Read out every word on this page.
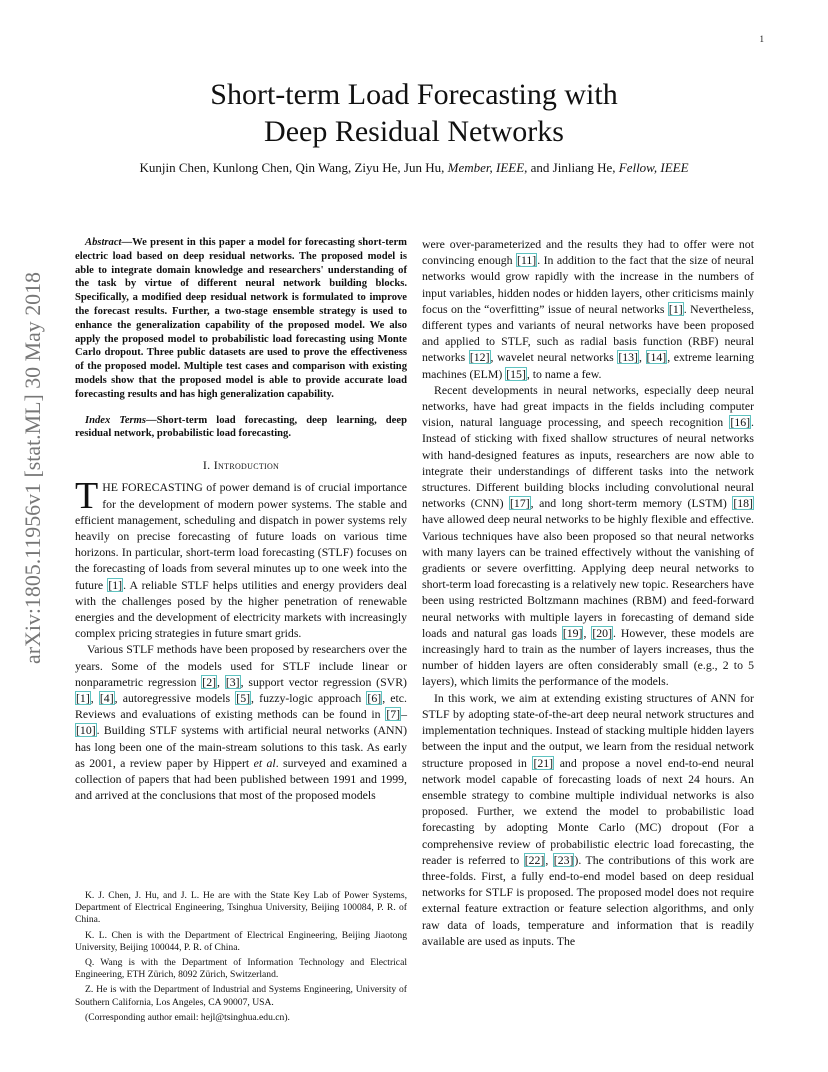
1
arXiv:1805.11956v1 [stat.ML] 30 May 2018
Short-term Load Forecasting with
Deep Residual Networks
Kunjin Chen, Kunlong Chen, Qin Wang, Ziyu He, Jun Hu, Member, IEEE, and Jinliang He, Fellow, IEEE

Abstract—We present in this paper a model for forecasting short-term electric load based on deep residual networks. The proposed model is able to integrate domain knowledge and researchers' understanding of the task by virtue of different neural network building blocks. Specifically, a modified deep residual network is formulated to improve the forecast results. Further, a two-stage ensemble strategy is used to enhance the generalization capability of the proposed model. We also apply the proposed model to probabilistic load forecasting using Monte Carlo dropout. Three public datasets are used to prove the effectiveness of the proposed model. Multiple test cases and comparison with existing models show that the proposed model is able to provide accurate load forecasting results and has high generalization capability.

Index Terms—Short-term load forecasting, deep learning, deep residual network, probabilistic load forecasting.

I. Introduction

THE FORECASTING of power demand is of crucial importance for the development of modern power systems. The stable and efficient management, scheduling and dispatch in power systems rely heavily on precise forecasting of future loads on various time horizons. In particular, short-term load forecasting (STLF) focuses on the forecasting of loads from several minutes up to one week into the future [1]. A reliable STLF helps utilities and energy providers deal with the challenges posed by the higher penetration of renewable energies and the development of electricity markets with increasingly complex pricing strategies in future smart grids.

Various STLF methods have been proposed by researchers over the years. Some of the models used for STLF include linear or nonparametric regression [2], [3], support vector regression (SVR) [1], [4], autoregressive models [5], fuzzy-logic approach [6], etc. Reviews and evaluations of existing methods can be found in [7]–[10]. Building STLF systems with artificial neural networks (ANN) has long been one of the main-stream solutions to this task. As early as 2001, a review paper by Hippert et al. surveyed and examined a collection of papers that had been published between 1991 and 1999, and arrived at the conclusions that most of the proposed models

K. J. Chen, J. Hu, and J. L. He are with the State Key Lab of Power Systems, Department of Electrical Engineering, Tsinghua University, Beijing 100084, P. R. of China.

K. L. Chen is with the Department of Electrical Engineering, Beijing Jiaotong University, Beijing 100044, P. R. of China.

Q. Wang is with the Department of Information Technology and Electrical Engineering, ETH Zürich, 8092 Zürich, Switzerland.

Z. He is with the Department of Industrial and Systems Engineering, University of Southern California, Los Angeles, CA 90007, USA.

(Corresponding author email: hejl@tsinghua.edu.cn).

were over-parameterized and the results they had to offer were not convincing enough [11]. In addition to the fact that the size of neural networks would grow rapidly with the increase in the numbers of input variables, hidden nodes or hidden layers, other criticisms mainly focus on the “overfitting” issue of neural networks [1]. Nevertheless, different types and variants of neural networks have been proposed and applied to STLF, such as radial basis function (RBF) neural networks [12], wavelet neural networks [13], [14], extreme learning machines (ELM) [15], to name a few.

Recent developments in neural networks, especially deep neural networks, have had great impacts in the fields including computer vision, natural language processing, and speech recognition [16]. Instead of sticking with fixed shallow structures of neural networks with hand-designed features as inputs, researchers are now able to integrate their understandings of different tasks into the network structures. Different building blocks including convolutional neural networks (CNN) [17], and long short-term memory (LSTM) [18] have allowed deep neural networks to be highly flexible and effective. Various techniques have also been proposed so that neural networks with many layers can be trained effectively without the vanishing of gradients or severe overfitting. Applying deep neural networks to short-term load forecasting is a relatively new topic. Researchers have been using restricted Boltzmann machines (RBM) and feed-forward neural networks with multiple layers in forecasting of demand side loads and natural gas loads [19], [20]. However, these models are increasingly hard to train as the number of layers increases, thus the number of hidden layers are often considerably small (e.g., 2 to 5 layers), which limits the performance of the models.

In this work, we aim at extending existing structures of ANN for STLF by adopting state-of-the-art deep neural network structures and implementation techniques. Instead of stacking multiple hidden layers between the input and the output, we learn from the residual network structure proposed in [21] and propose a novel end-to-end neural network model capable of forecasting loads of next 24 hours. An ensemble strategy to combine multiple individual networks is also proposed. Further, we extend the model to probabilistic load forecasting by adopting Monte Carlo (MC) dropout (For a comprehensive review of probabilistic electric load forecasting, the reader is referred to [22], [23]). The contributions of this work are three-folds. First, a fully end-to-end model based on deep residual networks for STLF is proposed. The proposed model does not require external feature extraction or feature selection algorithms, and only raw data of loads, temperature and information that is readily available are used as inputs. The
